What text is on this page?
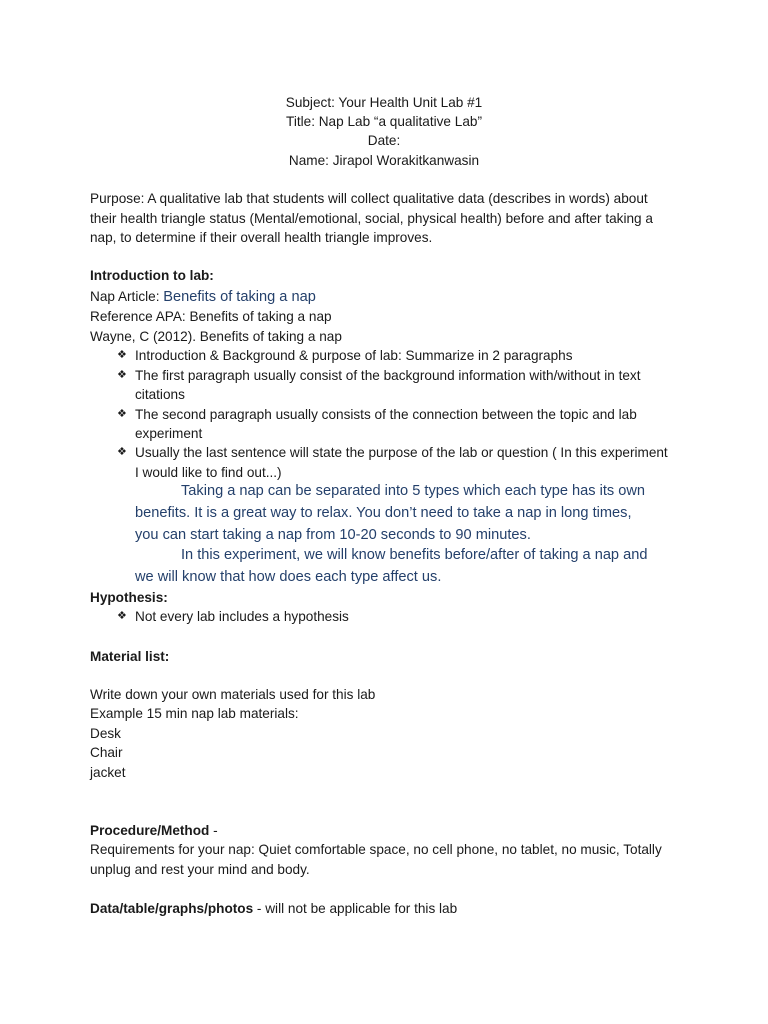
Subject: Your Health Unit Lab #1
Title: Nap Lab “a qualitative Lab”
Date:
Name: Jirapol Worakitkanwasin
Purpose: A qualitative lab that students will collect qualitative data (describes in words) about
their health triangle status (Mental/emotional, social, physical health) before and after taking a
nap, to determine if their overall health triangle improves.
Introduction to lab:
Nap Article: Benefits of taking a nap
Reference APA: Benefits of taking a nap
Wayne, C (2012). Benefits of taking a nap
❖ Introduction & Background & purpose of lab: Summarize in 2 paragraphs
❖ The first paragraph usually consist of the background information with/without in text
citations
❖ The second paragraph usually consists of the connection between the topic and lab
experiment
❖ Usually the last sentence will state the purpose of the lab or question ( In this experiment
I would like to find out...)
Taking a nap can be separated into 5 types which each type has its own
benefits. It is a great way to relax. You don’t need to take a nap in long times,
you can start taking a nap from 10-20 seconds to 90 minutes.
In this experiment, we will know benefits before/after of taking a nap and
we will know that how does each type affect us.
Hypothesis:
❖ Not every lab includes a hypothesis
Material list:
Write down your own materials used for this lab
Example 15 min nap lab materials:
Desk
Chair
jacket
Procedure/Method -
Requirements for your nap: Quiet comfortable space, no cell phone, no tablet, no music, Totally
unplug and rest your mind and body.
Data/table/graphs/photos - will not be applicable for this lab
